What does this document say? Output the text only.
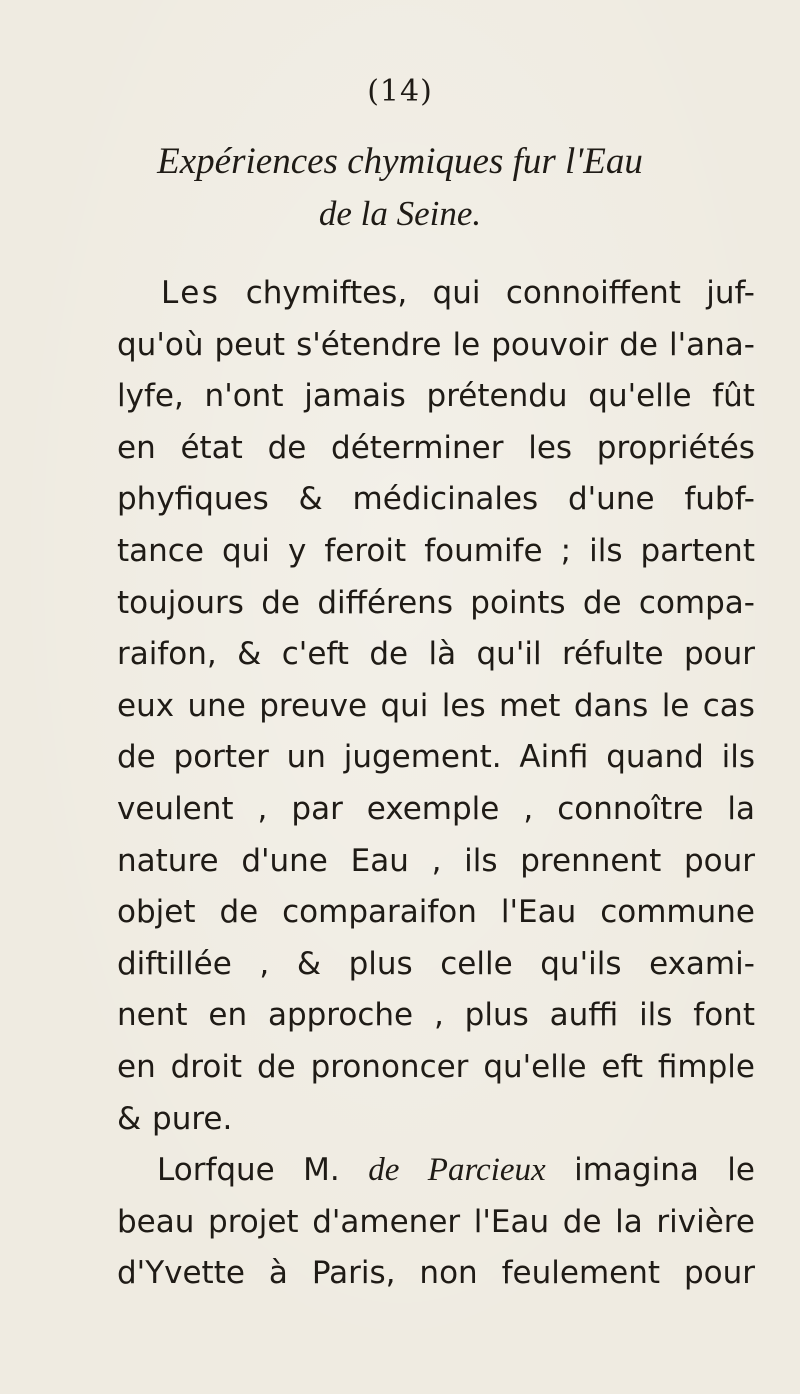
(14)
Expériences chymiques fur l'Eau
de la Seine.
Les chymiftes, qui connoiffent juf-
qu'où peut s'étendre le pouvoir de l'ana-
lyfe, n'ont jamais prétendu qu'elle fût
en état de déterminer les propriétés
phyfiques & médicinales d'une fubf-
tance qui y feroit foumife ; ils partent
toujours de différens points de compa-
raifon, & c'eft de là qu'il réfulte pour
eux une preuve qui les met dans le cas
de porter un jugement. Ainfi quand ils
veulent , par exemple , connoître la
nature d'une Eau , ils prennent pour
objet de comparaifon l'Eau commune
diftillée , & plus celle qu'ils exami-
nent en approche , plus auffi ils font
en droit de prononcer qu'elle eft fimple
& pure.
Lorfque M. de Parcieux imagina le
beau projet d'amener l'Eau de la rivière
d'Yvette à Paris, non feulement pour
